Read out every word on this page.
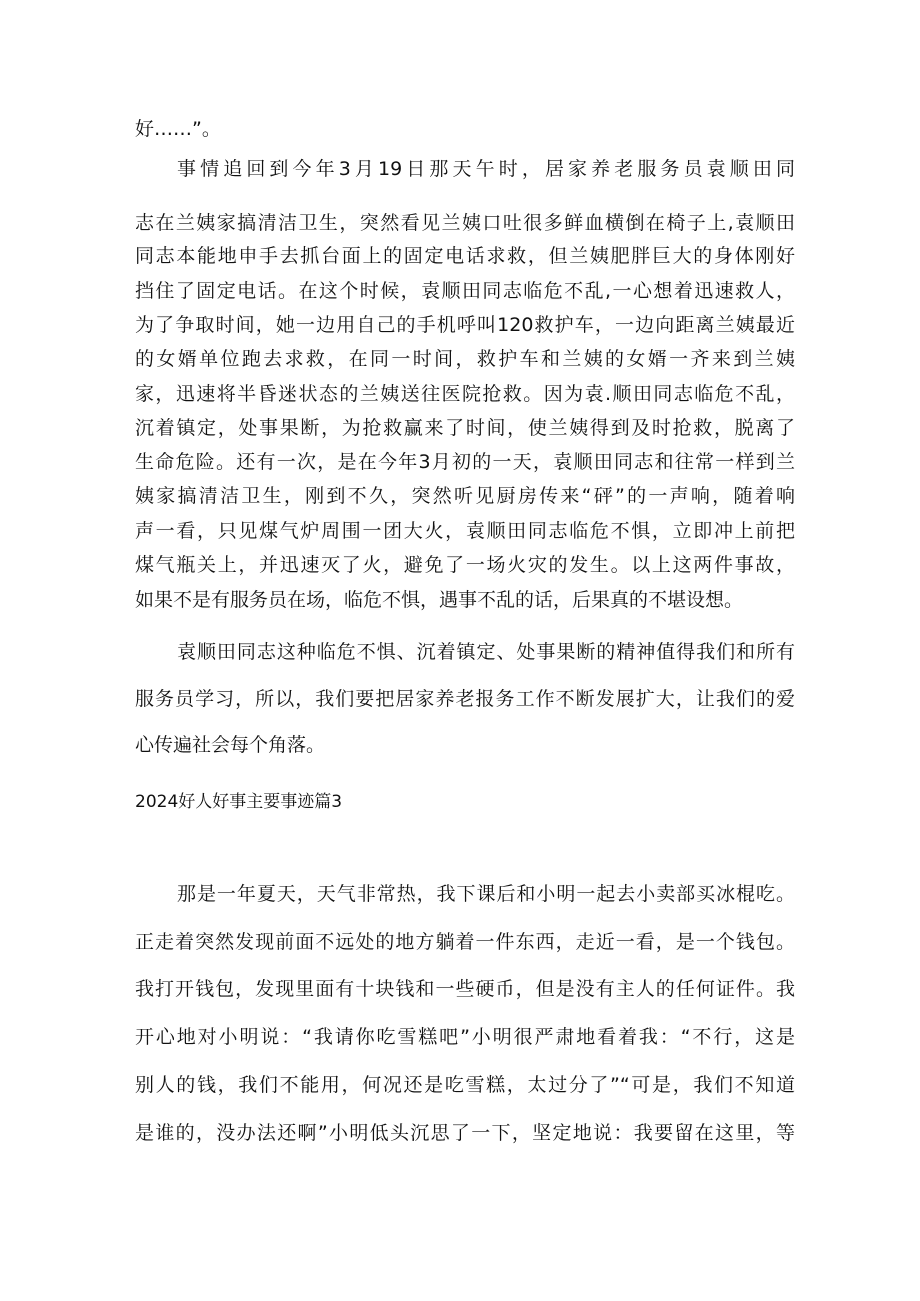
好……”。
事情追回到今年3月19日那天午时，居家养老服务员袁顺田同
志在兰姨家搞清洁卫生，突然看见兰姨口吐很多鲜血横倒在椅子上,袁顺田
同志本能地申手去抓台面上的固定电话求救，但兰姨肥胖巨大的身体刚好
挡住了固定电话。在这个时候，袁顺田同志临危不乱,一心想着迅速救人，
为了争取时间，她一边用自己的手机呼叫120救护车，一边向距离兰姨最近
的女婿单位跑去求救，在同一时间，救护车和兰姨的女婿一齐来到兰姨
家，迅速将半昏迷状态的兰姨送往医院抢救。因为袁.顺田同志临危不乱，
沉着镇定，处事果断，为抢救赢来了时间，使兰姨得到及时抢救，脱离了
生命危险。还有一次，是在今年3月初的一天，袁顺田同志和往常一样到兰
姨家搞清洁卫生，刚到不久，突然听见厨房传来“砰”的一声响，随着响
声一看，只见煤气炉周围一团大火，袁顺田同志临危不惧，立即冲上前把
煤气瓶关上，并迅速灭了火，避免了一场火灾的发生。以上这两件事故，
如果不是有服务员在场，临危不惧，遇事不乱的话，后果真的不堪设想。
袁顺田同志这种临危不惧、沉着镇定、处事果断的精神值得我们和所有
服务员学习，所以，我们要把居家养老报务工作不断发展扩大，让我们的爱
心传遍社会每个角落。
2024好人好事主要事迹篇3
那是一年夏天，天气非常热，我下课后和小明一起去小卖部买冰棍吃。
正走着突然发现前面不远处的地方躺着一件东西，走近一看，是一个钱包。
我打开钱包，发现里面有十块钱和一些硬币，但是没有主人的任何证件。我
开心地对小明说：“我请你吃雪糕吧”小明很严肃地看着我：“不行，这是
别人的钱，我们不能用，何况还是吃雪糕，太过分了”“可是，我们不知道
是谁的，没办法还啊”小明低头沉思了一下，坚定地说：我要留在这里，等
